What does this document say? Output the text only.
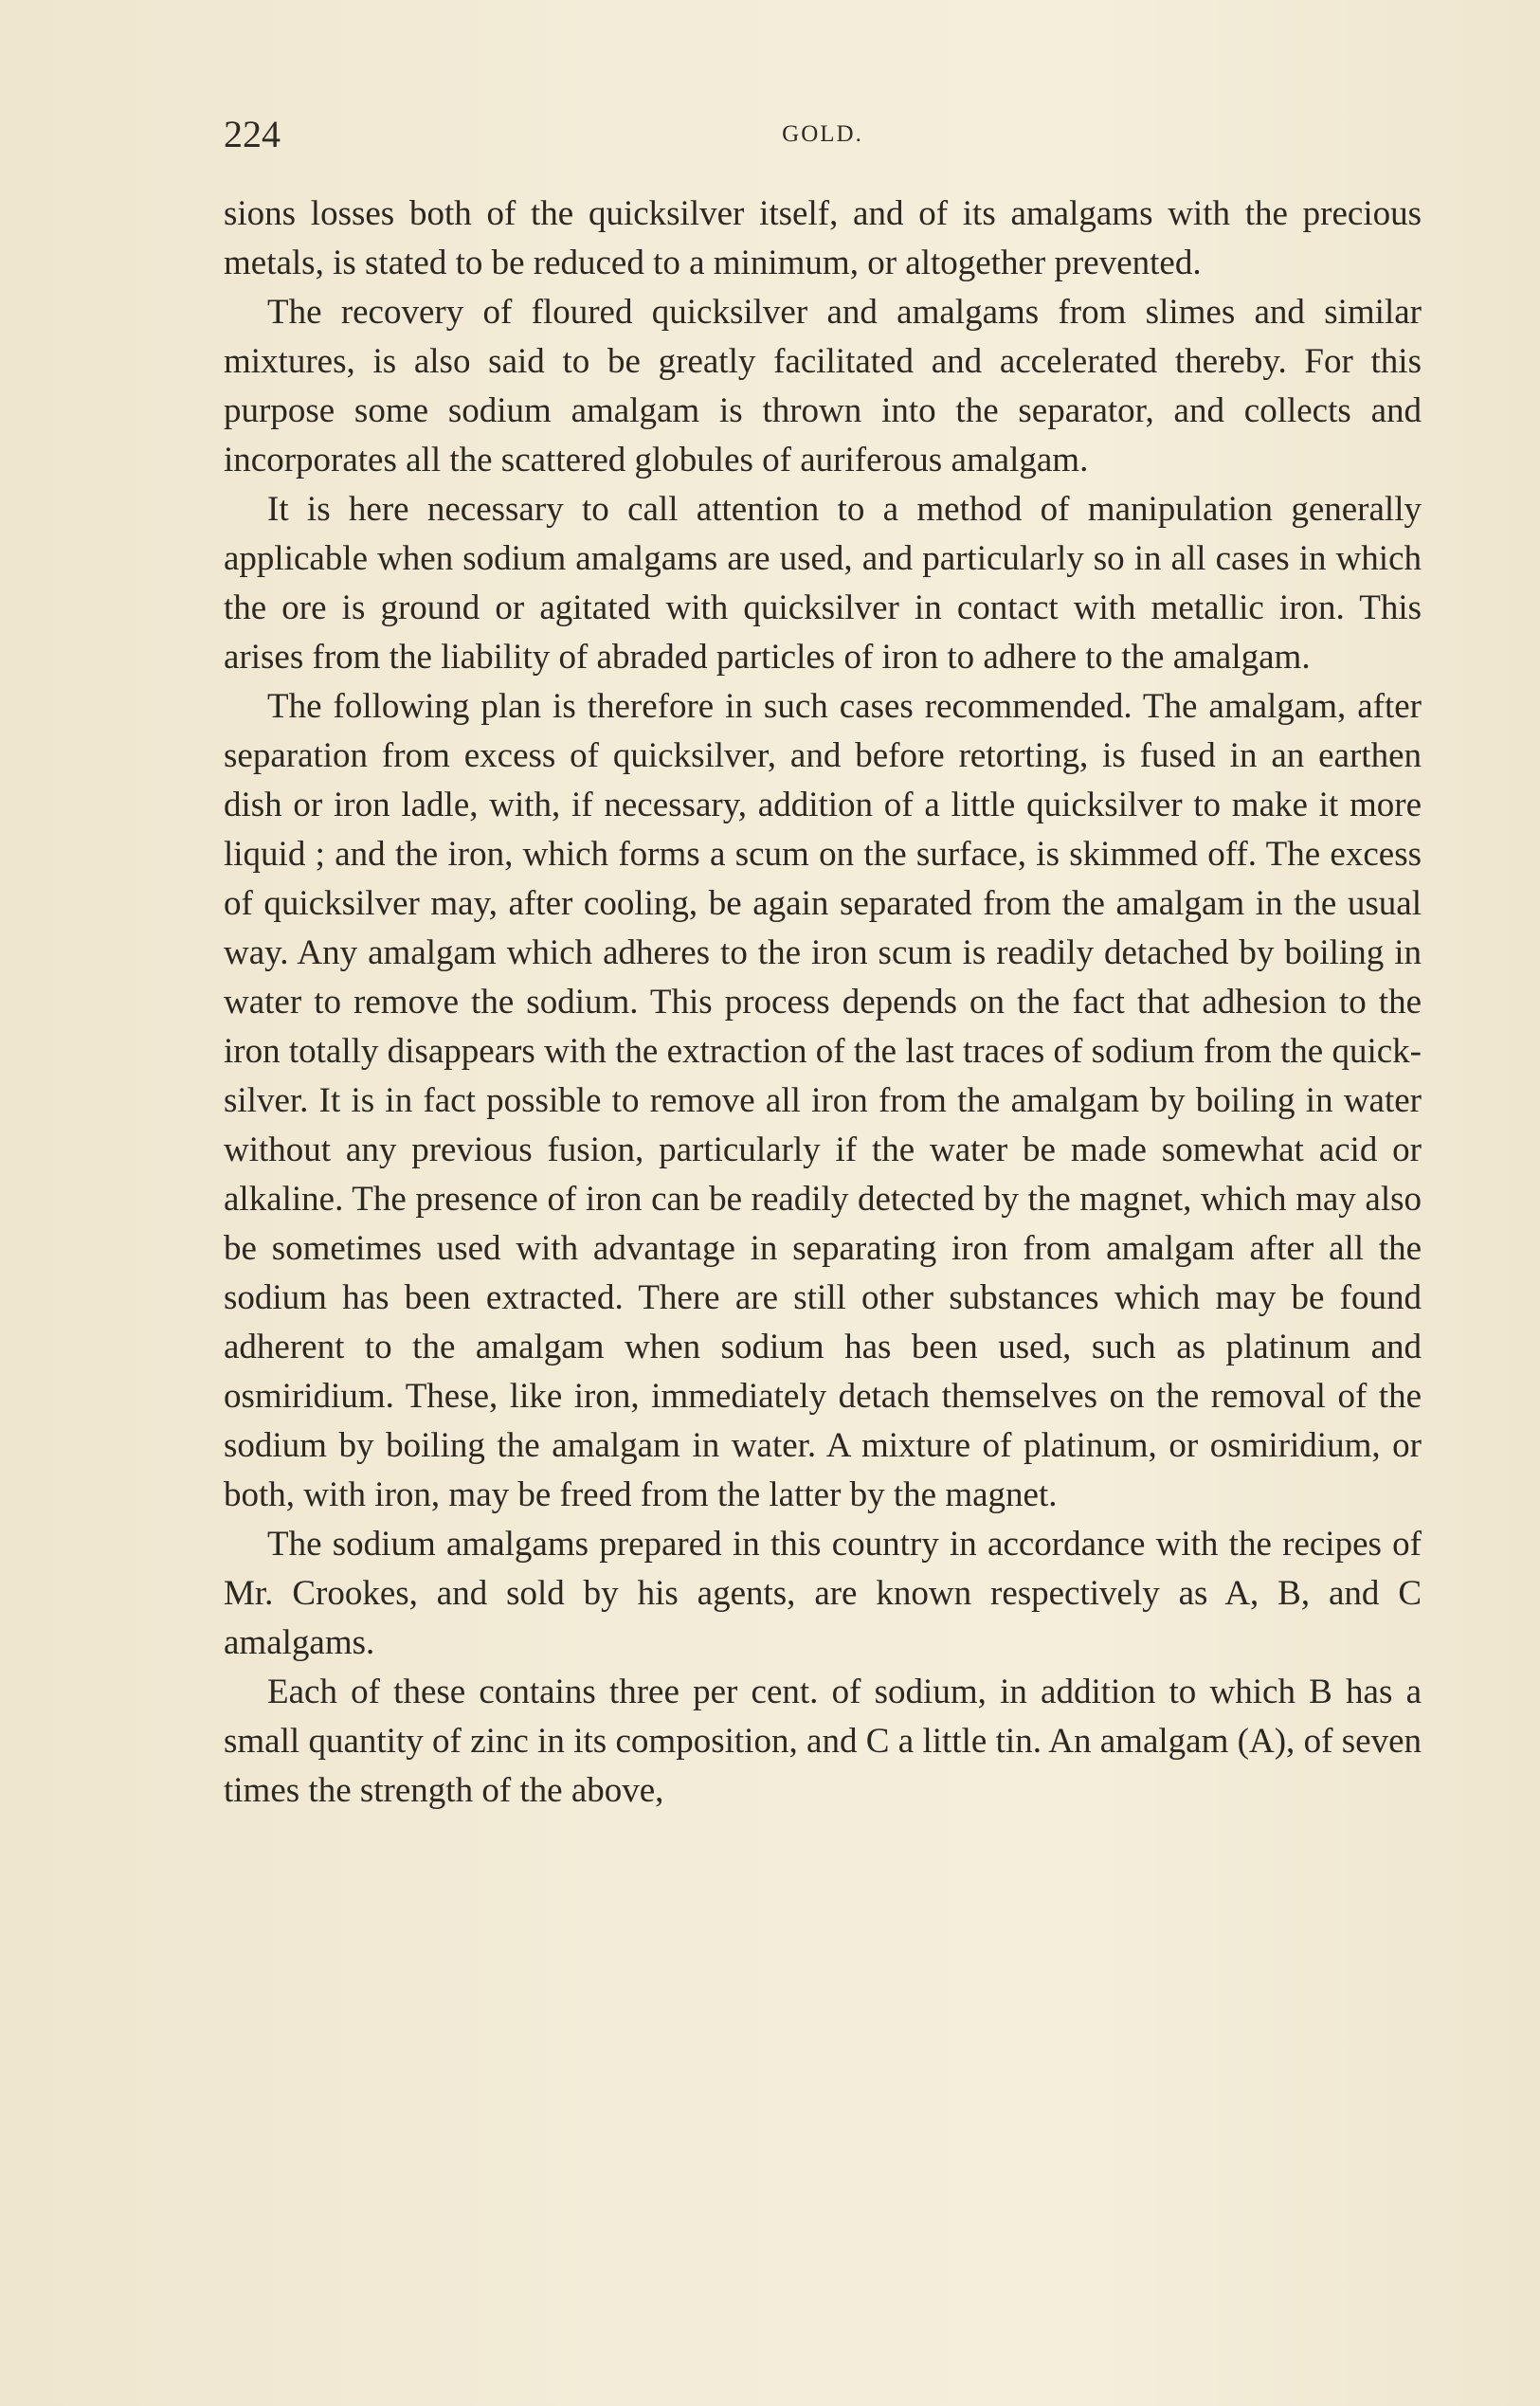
224	GOLD.

sions losses both of the quicksilver itself, and of its amalgams with the precious metals, is stated to be reduced to a minimum, or altogether prevented.

The recovery of floured quicksilver and amalgams from slimes and similar mixtures, is also said to be greatly facilitated and accelerated thereby. For this purpose some sodium amalgam is thrown into the separator, and collects and incorporates all the scattered globules of auriferous amalgam.

It is here necessary to call attention to a method of manipulation generally applicable when sodium amalgams are used, and particularly so in all cases in which the ore is ground or agitated with quicksilver in contact with metallic iron. This arises from the liability of abraded particles of iron to adhere to the amalgam.

The following plan is therefore in such cases recommended. The amalgam, after separation from excess of quicksilver, and before retorting, is fused in an earthen dish or iron ladle, with, if necessary, addition of a little quicksilver to make it more liquid ; and the iron, which forms a scum on the surface, is skimmed off. The excess of quicksilver may, after cooling, be again separated from the amalgam in the usual way. Any amalgam which adheres to the iron scum is readily detached by boiling in water to remove the sodium. This process depends on the fact that adhesion to the iron totally disappears with the extraction of the last traces of sodium from the quicksilver. It is in fact possible to remove all iron from the amalgam by boiling in water without any previous fusion, particularly if the water be made somewhat acid or alkaline. The presence of iron can be readily detected by the magnet, which may also be sometimes used with advantage in separating iron from amalgam after all the sodium has been extracted. There are still other substances which may be found adherent to the amalgam when sodium has been used, such as platinum and osmiridium. These, like iron, immediately detach themselves on the removal of the sodium by boiling the amalgam in water. A mixture of platinum, or osmiridium, or both, with iron, may be freed from the latter by the magnet.

The sodium amalgams prepared in this country in accordance with the recipes of Mr. Crookes, and sold by his agents, are known respectively as A, B, and C amalgams.

Each of these contains three per cent. of sodium, in addition to which B has a small quantity of zinc in its composition, and C a little tin. An amalgam (A), of seven times the strength of the above,
